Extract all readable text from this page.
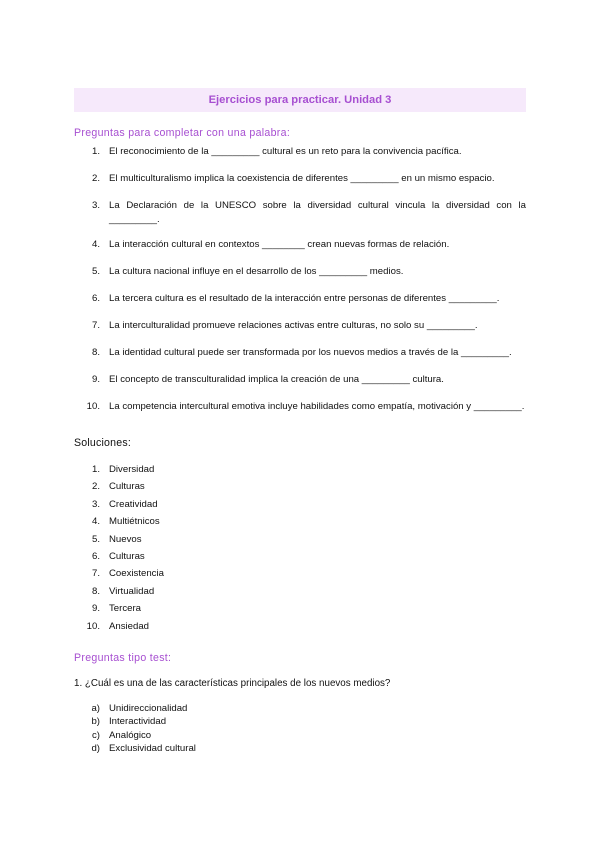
Ejercicios para practicar. Unidad 3
Preguntas para completar con una palabra:
1. El reconocimiento de la _________ cultural es un reto para la convivencia pacífica.
2. El multiculturalismo implica la coexistencia de diferentes _________ en un mismo espacio.
3. La Declaración de la UNESCO sobre la diversidad cultural vincula la diversidad con la _________.
4. La interacción cultural en contextos ________ crean nuevas formas de relación.
5. La cultura nacional influye en el desarrollo de los _________ medios.
6. La tercera cultura es el resultado de la interacción entre personas de diferentes _________.
7. La interculturalidad promueve relaciones activas entre culturas, no solo su _________.
8. La identidad cultural puede ser transformada por los nuevos medios a través de la _________.
9. El concepto de transculturalidad implica la creación de una _________ cultura.
10. La competencia intercultural emotiva incluye habilidades como empatía, motivación y _________.
Soluciones:
1. Diversidad
2. Culturas
3. Creatividad
4. Multiétnicos
5. Nuevos
6. Culturas
7. Coexistencia
8. Virtualidad
9. Tercera
10. Ansiedad
Preguntas tipo test:
1. ¿Cuál es una de las características principales de los nuevos medios?
a) Unidireccionalidad
b) Interactividad
c) Analógico
d) Exclusividad cultural
